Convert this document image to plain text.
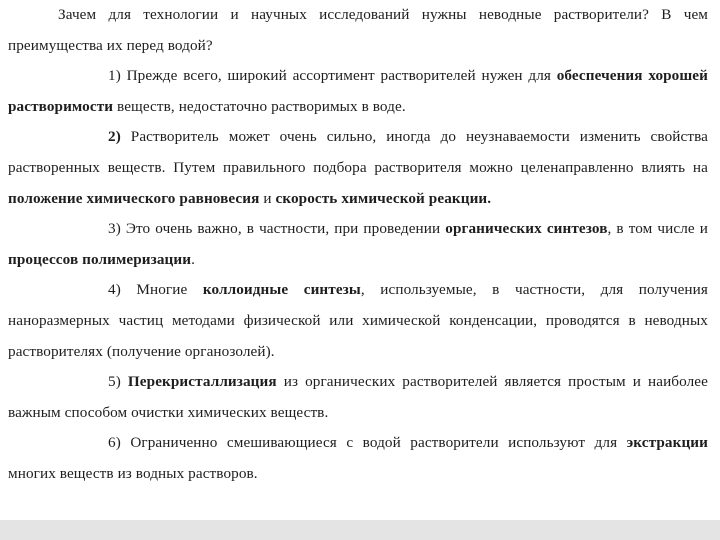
Зачем для технологии и научных исследований нужны неводные растворители? В чем преимущества их перед водой?

1) Прежде всего, широкий ассортимент растворителей нужен для обеспечения хорошей растворимости веществ, недостаточно растворимых в воде.

2) Растворитель может очень сильно, иногда до неузнаваемости изменить свойства растворенных веществ. Путем правильного подбора растворителя можно целенаправленно влиять на положение химического равновесия и скорость химической реакции.

3) Это очень важно, в частности, при проведении органических синтезов, в том числе и процессов полимеризации.

4) Многие коллоидные синтезы, используемые, в частности, для получения наноразмерных частиц методами физической или химической конденсации, проводятся в неводных растворителях (получение органозолей).

5) Перекристаллизация из органических растворителей является простым и наиболее важным способом очистки химических веществ.

6) Ограниченно смешивающиеся с водой растворители используют для экстракции многих веществ из водных растворов.
